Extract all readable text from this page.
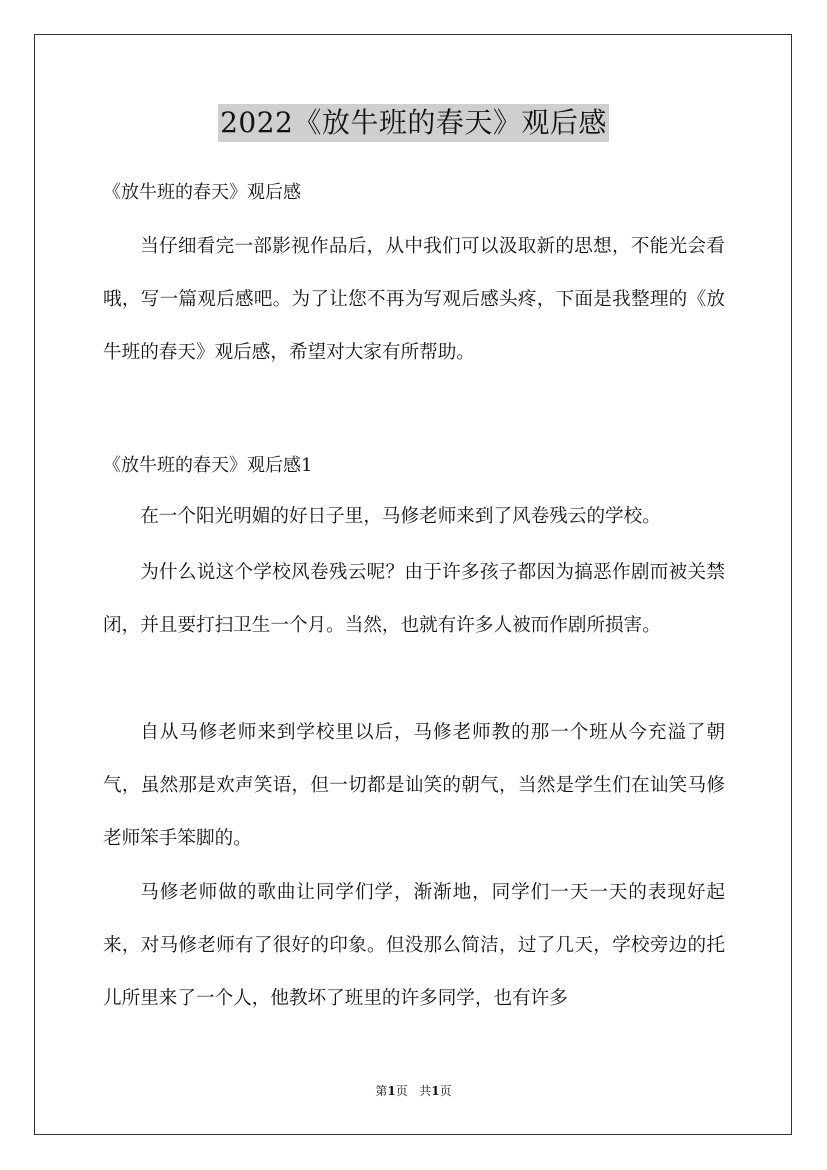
2022《放牛班的春天》观后感
《放牛班的春天》观后感

当仔细看完一部影视作品后，从中我们可以汲取新的思想，不能光会看哦，写一篇观后感吧。为了让您不再为写观后感头疼，下面是我整理的《放牛班的春天》观后感，希望对大家有所帮助。

《放牛班的春天》观后感1

在一个阳光明媚的好日子里，马修老师来到了风卷残云的学校。

为什么说这个学校风卷残云呢？由于许多孩子都因为搞恶作剧而被关禁闭，并且要打扫卫生一个月。当然，也就有许多人被而作剧所损害。

自从马修老师来到学校里以后，马修老师教的那一个班从今充溢了朝气，虽然那是欢声笑语，但一切都是讪笑的朝气，当然是学生们在讪笑马修老师笨手笨脚的。

马修老师做的歌曲让同学们学，渐渐地，同学们一天一天的表现好起来，对马修老师有了很好的印象。但没那么简洁，过了几天，学校旁边的托儿所里来了一个人，他教坏了班里的许多同学，也有许多

第1页 共1页
